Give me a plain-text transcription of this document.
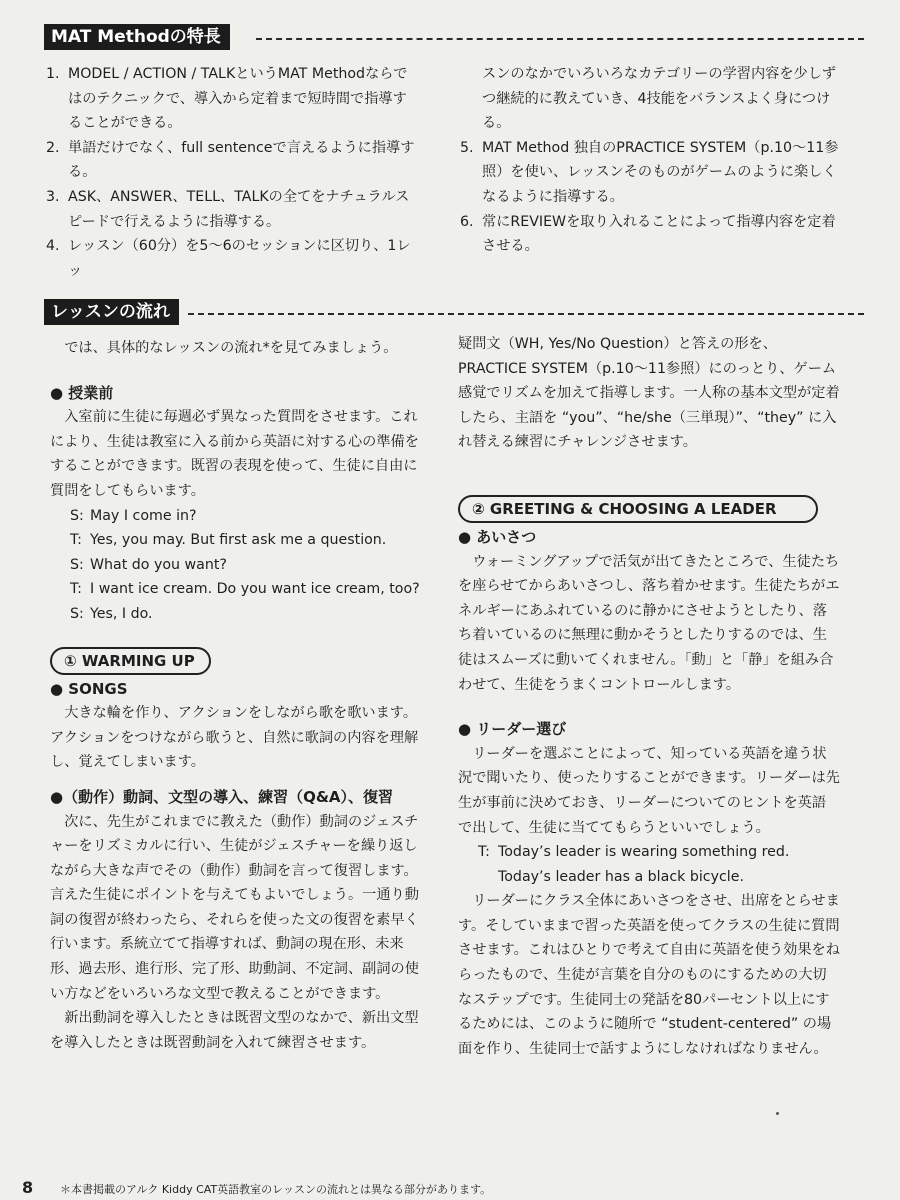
MAT Methodの特長
1. MODEL / ACTION / TALKというMAT Methodならではのテクニックで、導入から定着まで短時間で指導することができる。
2. 単語だけでなく、full sentenceで言えるように指導する。
3. ASK、ANSWER、TELL、TALKの全てをナチュラルスピードで行えるように指導する。
4. レッスン（60分）を5〜6のセッションに区切り、1レッ

スンのなかでいろいろなカテゴリーの学習内容を少しずつ継続的に教えていき、4技能をバランスよく身につける。

5. MAT Method 独自のPRACTICE SYSTEM（p.10〜11参照）を使い、レッスンそのものがゲームのように楽しくなるように指導する。
6. 常にREVIEWを取り入れることによって指導内容を定着させる。
レッスンの流れ

では、具体的なレッスンの流れ*を見てみましょう。

● 授業前

入室前に生徒に毎週必ず異なった質問をさせます。これにより、生徒は教室に入る前から英語に対する心の準備をすることができます。既習の表現を使って、生徒に自由に質問をしてもらいます。

S: May I come in?
T: Yes, you may. But first ask me a question.
S: What do you want?
T: I want ice cream. Do you want ice cream, too?
S: Yes, I do.
① WARMING UP

● SONGS

大きな輪を作り、アクションをしながら歌を歌います。アクションをつけながら歌うと、自然に歌詞の内容を理解し、覚えてしまいます。

●（動作）動詞、文型の導入、練習（Q&A）、復習

次に、先生がこれまでに教えた（動作）動詞のジェスチャーをリズミカルに行い、生徒がジェスチャーを繰り返しながら大きな声でその（動作）動詞を言って復習します。言えた生徒にポイントを与えてもよいでしょう。一通り動詞の復習が終わったら、それらを使った文の復習を素早く行います。系統立てて指導すれば、動詞の現在形、未来形、過去形、進行形、完了形、助動詞、不定詞、副詞の使い方などをいろいろな文型で教えることができます。

新出動詞を導入したときは既習文型のなかで、新出文型を導入したときは既習動詞を入れて練習させます。

疑問文（WH, Yes/No Question）と答えの形を、PRACTICE SYSTEM（p.10〜11参照）にのっとり、ゲーム感覚でリズムを加えて指導します。一人称の基本文型が定着したら、主語を “you”、“he/she（三単現）”、“they” に入れ替える練習にチャレンジさせます。

② GREETING & CHOOSING A LEADER

● あいさつ

ウォーミングアップで活気が出てきたところで、生徒たちを座らせてからあいさつし、落ち着かせます。生徒たちがエネルギーにあふれているのに静かにさせようとしたり、落ち着いているのに無理に動かそうとしたりするのでは、生徒はスムーズに動いてくれません。「動」と「静」を組み合わせて、生徒をうまくコントロールします。

● リーダー選び

リーダーを選ぶことによって、知っている英語を違う状況で聞いたり、使ったりすることができます。リーダーは先生が事前に決めておき、リーダーについてのヒントを英語で出して、生徒に当ててもらうといいでしょう。

T: Today’s leader is wearing something red.
Today’s leader has a black bicycle.

リーダーにクラス全体にあいさつをさせ、出席をとらせます。そしていままで習った英語を使ってクラスの生徒に質問させます。これはひとりで考えて自由に英語を使う効果をねらったもので、生徒が言葉を自分のものにするための大切なステップです。生徒同士の発話を80パーセント以上にするためには、このように随所で “student-centered” の場面を作り、生徒同士で話すようにしなければなりません。

8 ＊本書掲載のアルク Kiddy CAT英語教室のレッスンの流れとは異なる部分があります。
